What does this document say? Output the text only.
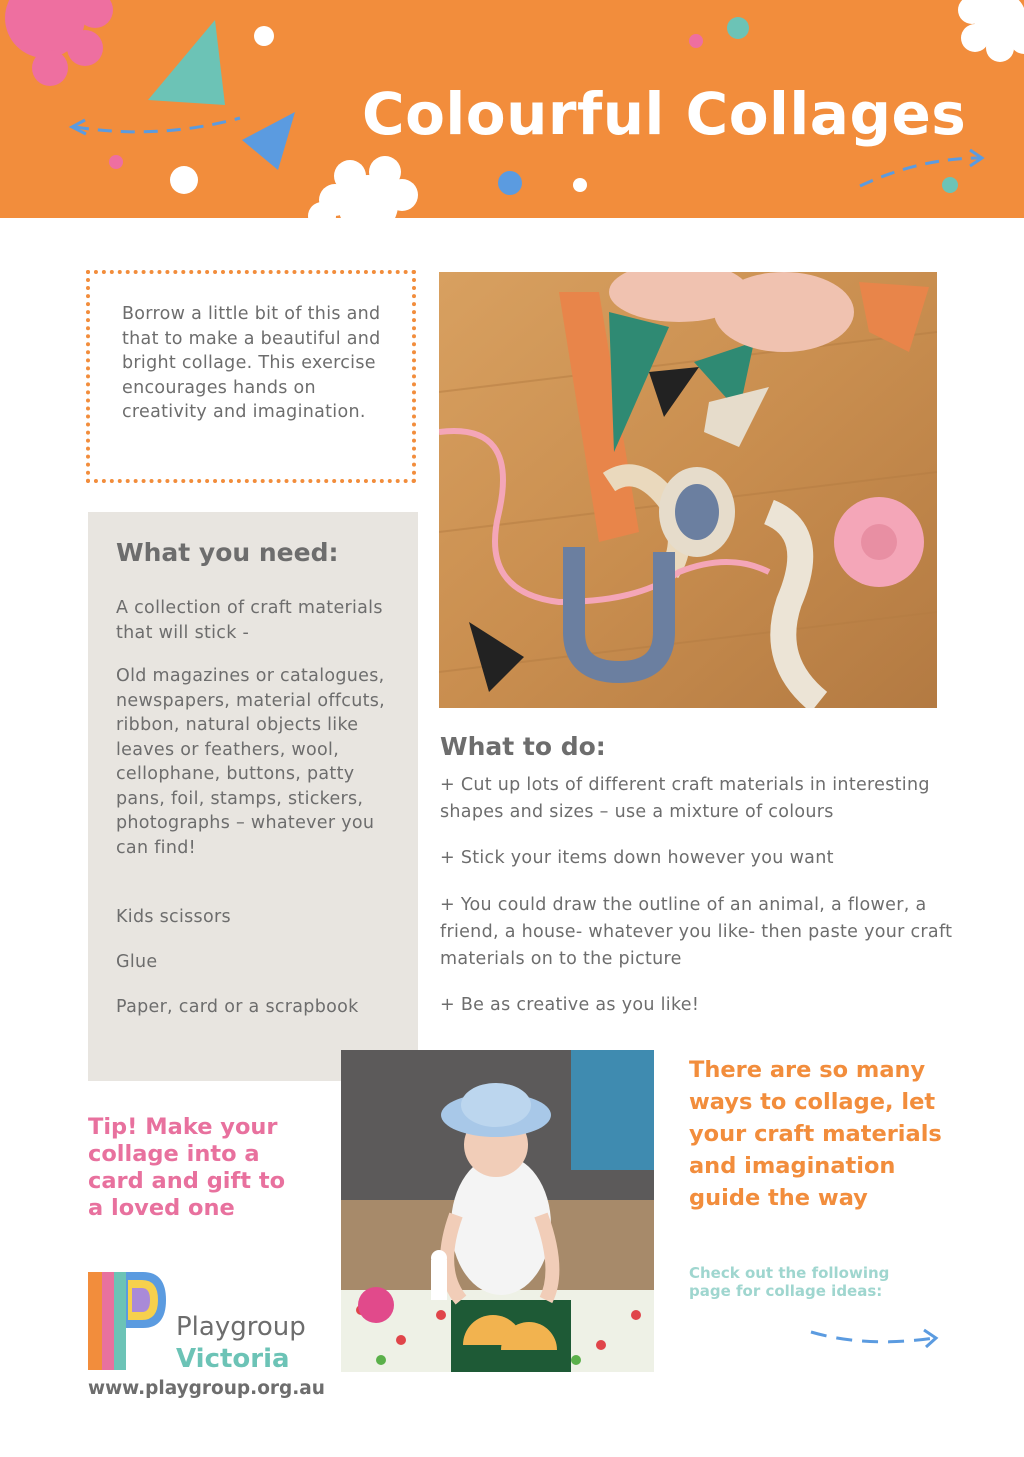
Colourful Collages

Borrow a little bit of this and that to make a beautiful and bright collage. This exercise encourages hands on creativity and imagination.

What you need:

A collection of craft materials that will stick -

Old magazines or catalogues, newspapers, material offcuts, ribbon, natural objects like leaves or feathers, wool, cellophane, buttons, patty pans, foil, stamps, stickers, photographs – whatever you can find!

Kids scissors

Glue

Paper, card or a scrapbook

What to do:

+ Cut up lots of different craft materials in interesting shapes and sizes – use a mixture of colours

+ Stick your items down however you want

+ You could draw the outline of an animal, a flower, a friend, a house- whatever you like- then paste your craft materials on to the picture

+ Be as creative as you like!

Tip! Make your collage into a card and gift to a loved one

There are so many ways to collage, let your craft materials and imagination guide the way

Check out the following page for collage ideas:

Playgroup
Victoria
www.playgroup.org.au
